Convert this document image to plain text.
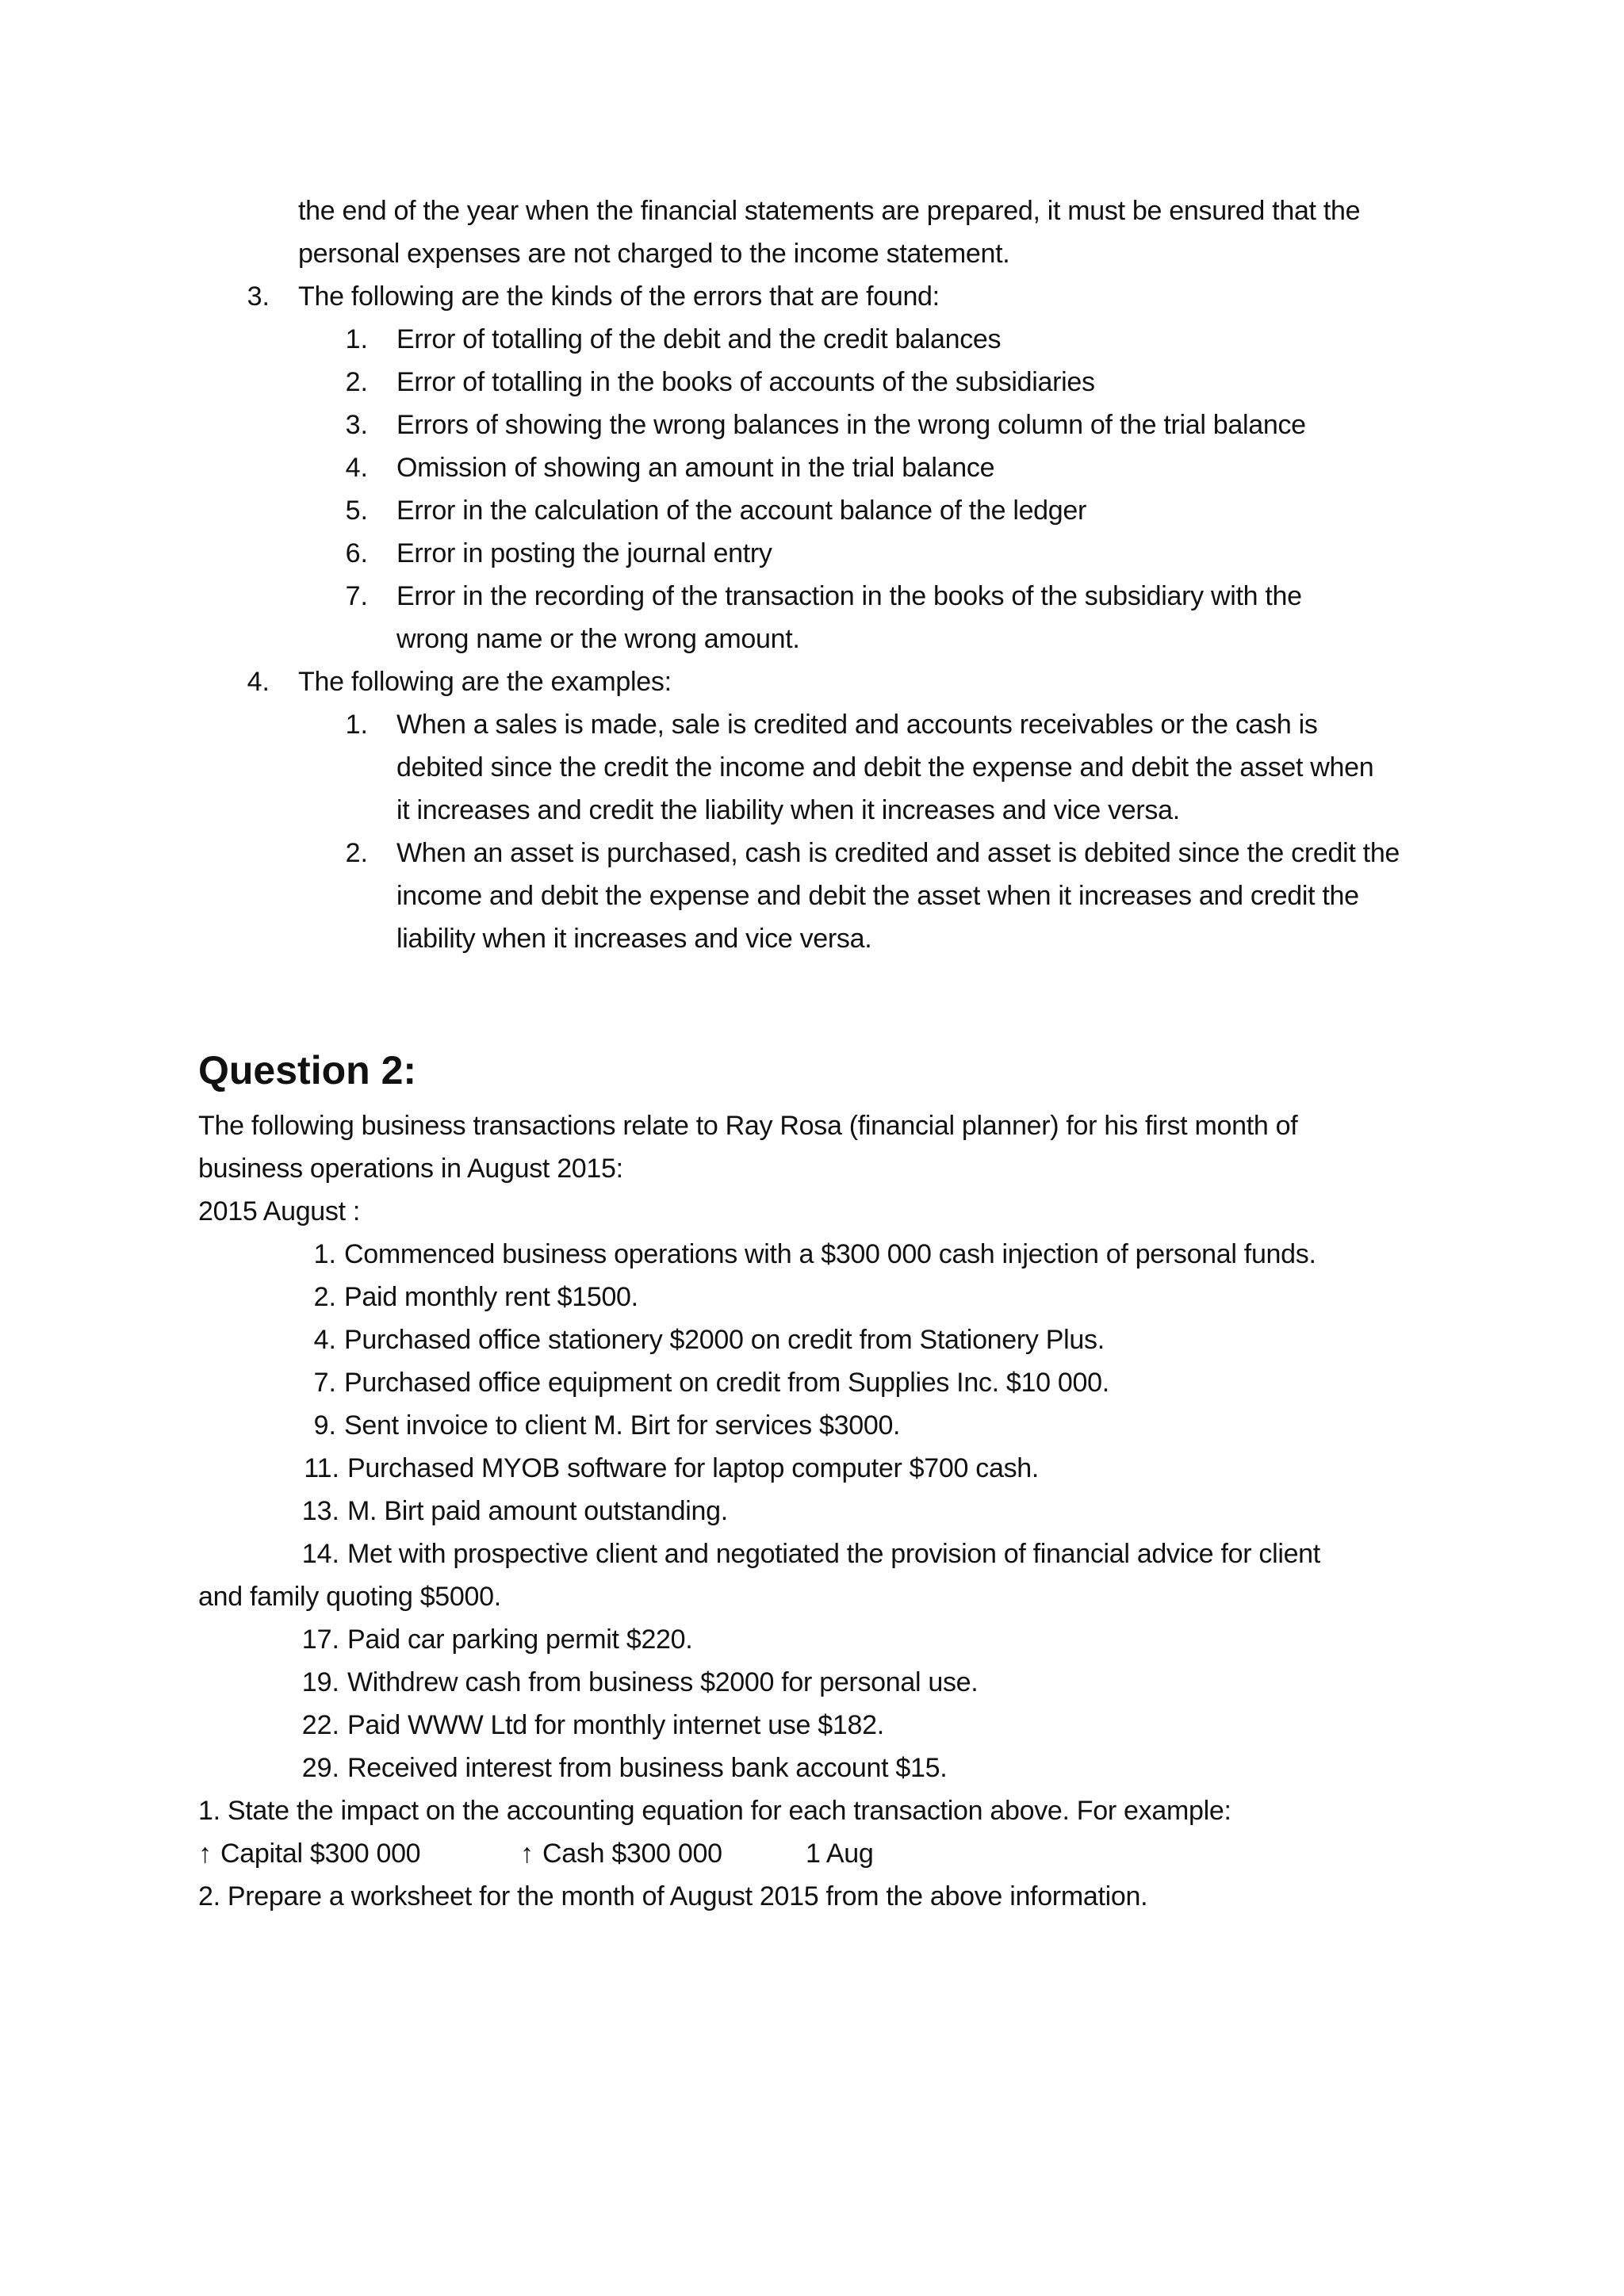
the end of the year when the financial statements are prepared, it must be ensured that the
personal expenses are not charged to the income statement.
3. The following are the kinds of the errors that are found:
1. Error of totalling of the debit and the credit balances
2. Error of totalling in the books of accounts of the subsidiaries
3. Errors of showing the wrong balances in the wrong column of the trial balance
4. Omission of showing an amount in the trial balance
5. Error in the calculation of the account balance of the ledger
6. Error in posting the journal entry
7. Error in the recording of the transaction in the books of the subsidiary with the
wrong name or the wrong amount.
4. The following are the examples:
1. When a sales is made, sale is credited and accounts receivables or the cash is
debited since the credit the income and debit the expense and debit the asset when
it increases and credit the liability when it increases and vice versa.
2. When an asset is purchased, cash is credited and asset is debited since the credit the
income and debit the expense and debit the asset when it increases and credit the
liability when it increases and vice versa.
Question 2:
The following business transactions relate to Ray Rosa (financial planner) for his first month of
business operations in August 2015:
2015 August :
1. Commenced business operations with a $300 000 cash injection of personal funds.
2. Paid monthly rent $1500.
4. Purchased office stationery $2000 on credit from Stationery Plus.
7. Purchased office equipment on credit from Supplies Inc. $10 000.
9. Sent invoice to client M. Birt for services $3000.
11. Purchased MYOB software for laptop computer $700 cash.
13. M. Birt paid amount outstanding.
14. Met with prospective client and negotiated the provision of financial advice for client
and family quoting $5000.
17. Paid car parking permit $220.
19. Withdrew cash from business $2000 for personal use.
22. Paid WWW Ltd for monthly internet use $182.
29. Received interest from business bank account $15.
1. State the impact on the accounting equation for each transaction above. For example:
↑ Capital $300 000	↑ Cash $300 000	1 Aug
2. Prepare a worksheet for the month of August 2015 from the above information.
